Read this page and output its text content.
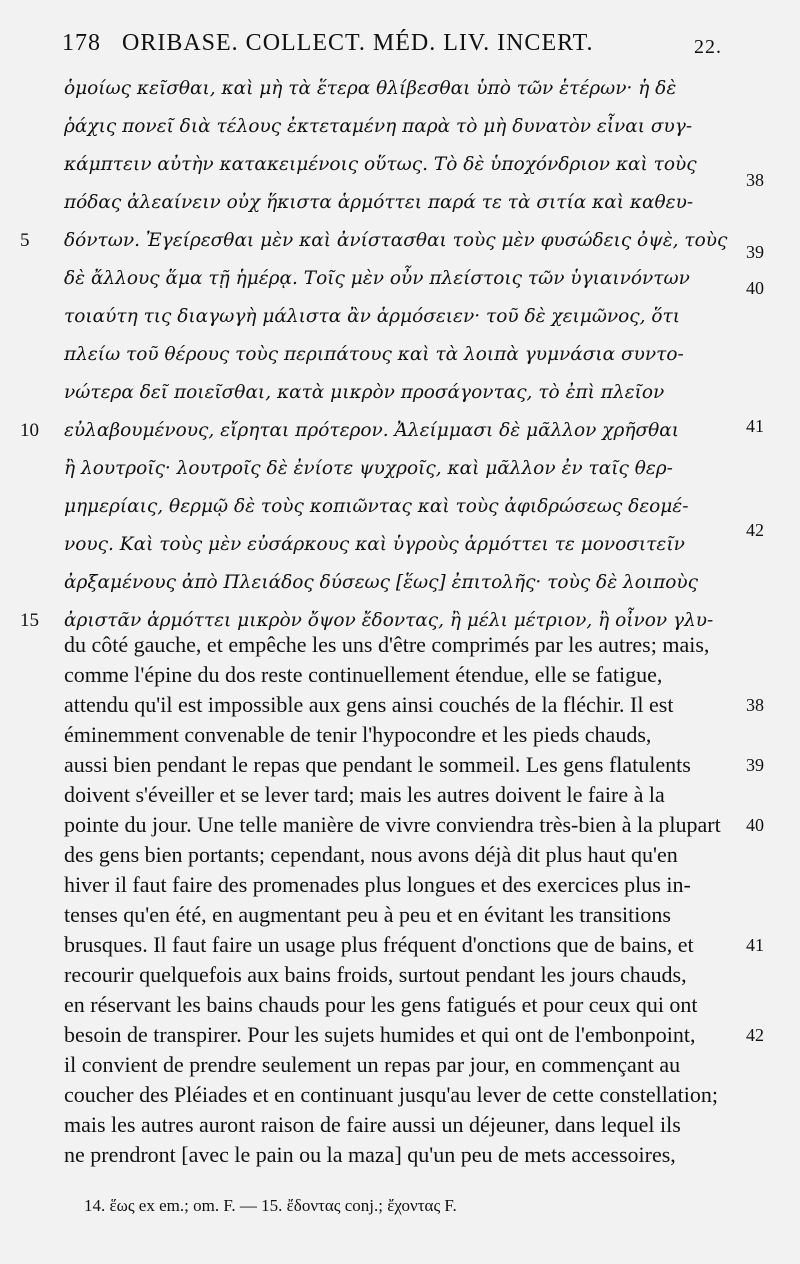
178 ORIBASE. COLLECT. MÉD. LIV. INCERT.	22.
ὁμοίως κεῖσθαι, καὶ μὴ τὰ ἕτερα θλίβεσθαι ὑπὸ τῶν ἑτέρων· ἡ δὲ
ῥάχις πονεῖ διὰ τέλους ἐκτεταμένη παρὰ τὸ μὴ δυνατὸν εἶναι συγ-
κάμπτειν αὐτὴν κατακειμένοις οὕτως. Τὸ δὲ ὑποχόνδριον καὶ τοὺς
πόδας ἀλεαίνειν οὐχ ἥκιστα ἁρμόττει παρά τε τὰ σιτία καὶ καθευ-
δόντων. Ἐγείρεσθαι μὲν καὶ ἀνίστασθαι τοὺς μὲν φυσώδεις ὀψὲ, τοὺς
δὲ ἄλλους ἅμα τῇ ἡμέρᾳ. Τοῖς μὲν οὖν πλείστοις τῶν ὑγιαινόντων
τοιαύτη τις διαγωγὴ μάλιστα ἂν ἁρμόσειεν· τοῦ δὲ χειμῶνος, ὅτι
πλείω τοῦ θέρους τοὺς περιπάτους καὶ τὰ λοιπὰ γυμνάσια συντο-
νώτερα δεῖ ποιεῖσθαι, κατὰ μικρὸν προσάγοντας, τὸ ἐπὶ πλεῖον
εὐλαβουμένους, εἴρηται πρότερον. Ἀλείμμασι δὲ μᾶλλον χρῆσθαι
ἢ λουτροῖς· λουτροῖς δὲ ἐνίοτε ψυχροῖς, καὶ μᾶλλον ἐν ταῖς θερ-
μημερίαις, θερμῷ δὲ τοὺς κοπιῶντας καὶ τοὺς ἀφιδρώσεως δεομέ-
νους. Καὶ τοὺς μὲν εὐσάρκους καὶ ὑγροὺς ἁρμόττει τε μονοσιτεῖν
ἀρξαμένους ἀπὸ Πλειάδος δύσεως [ἕως] ἐπιτολῆς· τοὺς δὲ λοιποὺς
ἀριστᾶν ἁρμόττει μικρὸν ὄψον ἔδοντας, ἢ μέλι μέτριον, ἢ οἶνον γλυ-
5
10
15
38
39
40
41
42
du côté gauche, et empêche les uns d'être comprimés par les autres; mais,
comme l'épine du dos reste continuellement étendue, elle se fatigue,
attendu qu'il est impossible aux gens ainsi couchés de la fléchir. Il est
éminemment convenable de tenir l'hypocondre et les pieds chauds,
aussi bien pendant le repas que pendant le sommeil. Les gens flatulents
doivent s'éveiller et se lever tard; mais les autres doivent le faire à la
pointe du jour. Une telle manière de vivre conviendra très-bien à la plupart
des gens bien portants; cependant, nous avons déjà dit plus haut qu'en
hiver il faut faire des promenades plus longues et des exercices plus in-
tenses qu'en été, en augmentant peu à peu et en évitant les transitions
brusques. Il faut faire un usage plus fréquent d'onctions que de bains, et
recourir quelquefois aux bains froids, surtout pendant les jours chauds,
en réservant les bains chauds pour les gens fatigués et pour ceux qui ont
besoin de transpirer. Pour les sujets humides et qui ont de l'embonpoint,
il convient de prendre seulement un repas par jour, en commençant au
coucher des Pléiades et en continuant jusqu'au lever de cette constellation;
mais les autres auront raison de faire aussi un déjeuner, dans lequel ils
ne prendront [avec le pain ou la maza] qu'un peu de mets accessoires,
38
39
40
41
42
14. ἕως ex em.; om. F. — 15. ἔδοντας conj.; ἔχοντας F.
